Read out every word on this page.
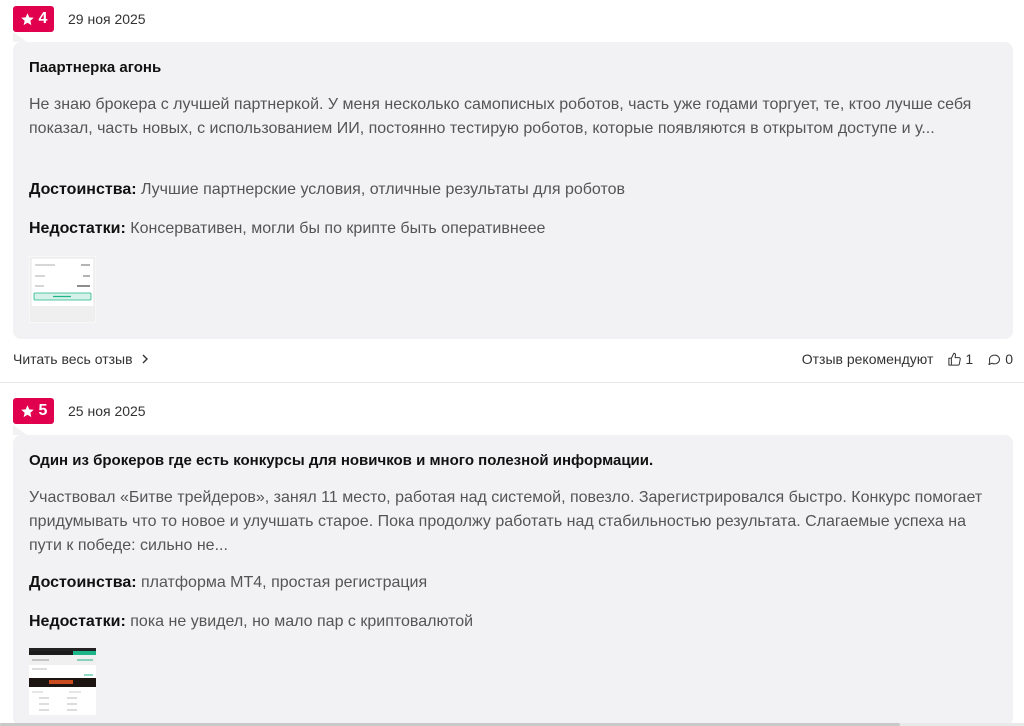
4 29 ноя 2025
Паартнерка агонь
Не знаю брокера с лучшей партнеркой. У меня несколько самописных роботов, часть уже годами торгует, те, ктоо лучше себя показал, часть новых, с использованием ИИ, постоянно тестирую роботов, которые появляются в открытом доступе и у...
Достоинства: Лучшие партнерские условия, отличные результаты для роботов
Недостатки: Консервативен, могли бы по крипте быть оперативнеее
Читать весь отзыв	Отзыв рекомендуют 1 0
5 25 ноя 2025
Один из брокеров где есть конкурсы для новичков и много полезной информации.
Участвовал «Битве трейдеров», занял 11 место, работая над системой, повезло. Зарегистрировался быстро. Конкурс помогает придумывать что то новое и улучшать старое. Пока продолжу работать над стабильностью результата. Слагаемые успеха на пути к победе: сильно не...
Достоинства: платформа МТ4, простая регистрация
Недостатки: пока не увидел, но мало пар с криптовалютой
